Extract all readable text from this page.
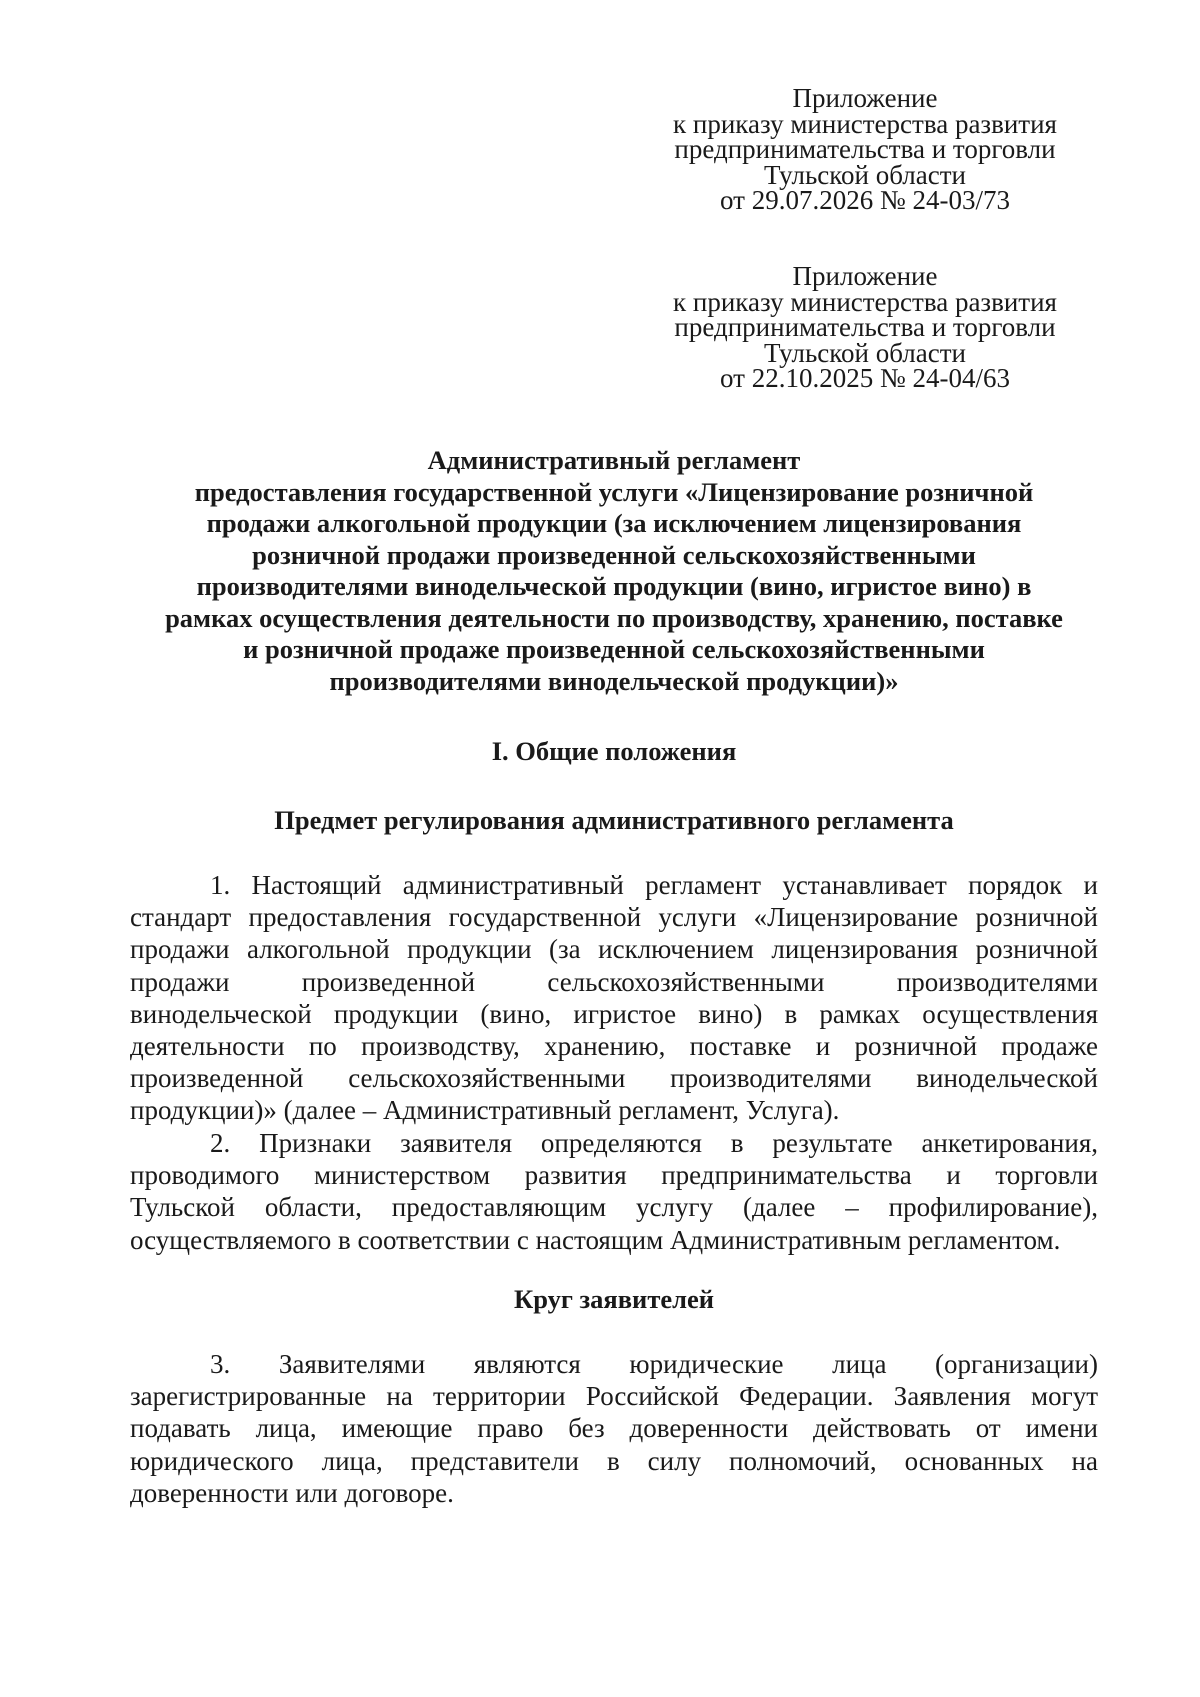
Приложение
к приказу министерства развития
предпринимательства и торговли
Тульской области
от 29.07.2026 № 24-03/73
Приложение
к приказу министерства развития
предпринимательства и торговли
Тульской области
от 22.10.2025 № 24-04/63
Административный регламент
предоставления государственной услуги «Лицензирование розничной
продажи алкогольной продукции (за исключением лицензирования
розничной продажи произведенной сельскохозяйственными
производителями винодельческой продукции (вино, игристое вино) в
рамках осуществления деятельности по производству, хранению, поставке
и розничной продаже произведенной сельскохозяйственными
производителями винодельческой продукции)»
I. Общие положения
Предмет регулирования административного регламента
1. Настоящий административный регламент устанавливает порядок и
стандарт предоставления государственной услуги «Лицензирование розничной
продажи алкогольной продукции (за исключением лицензирования розничной
продажи произведенной сельскохозяйственными производителями
винодельческой продукции (вино, игристое вино) в рамках осуществления
деятельности по производству, хранению, поставке и розничной продаже
произведенной сельскохозяйственными производителями винодельческой
продукции)» (далее – Административный регламент, Услуга).
2. Признаки заявителя определяются в результате анкетирования,
проводимого министерством развития предпринимательства и торговли
Тульской области, предоставляющим услугу (далее – профилирование),
осуществляемого в соответствии с настоящим Административным регламентом.
Круг заявителей
3. Заявителями являются юридические лица (организации)
зарегистрированные на территории Российской Федерации. Заявления могут
подавать лица, имеющие право без доверенности действовать от имени
юридического лица, представители в силу полномочий, основанных на
доверенности или договоре.
